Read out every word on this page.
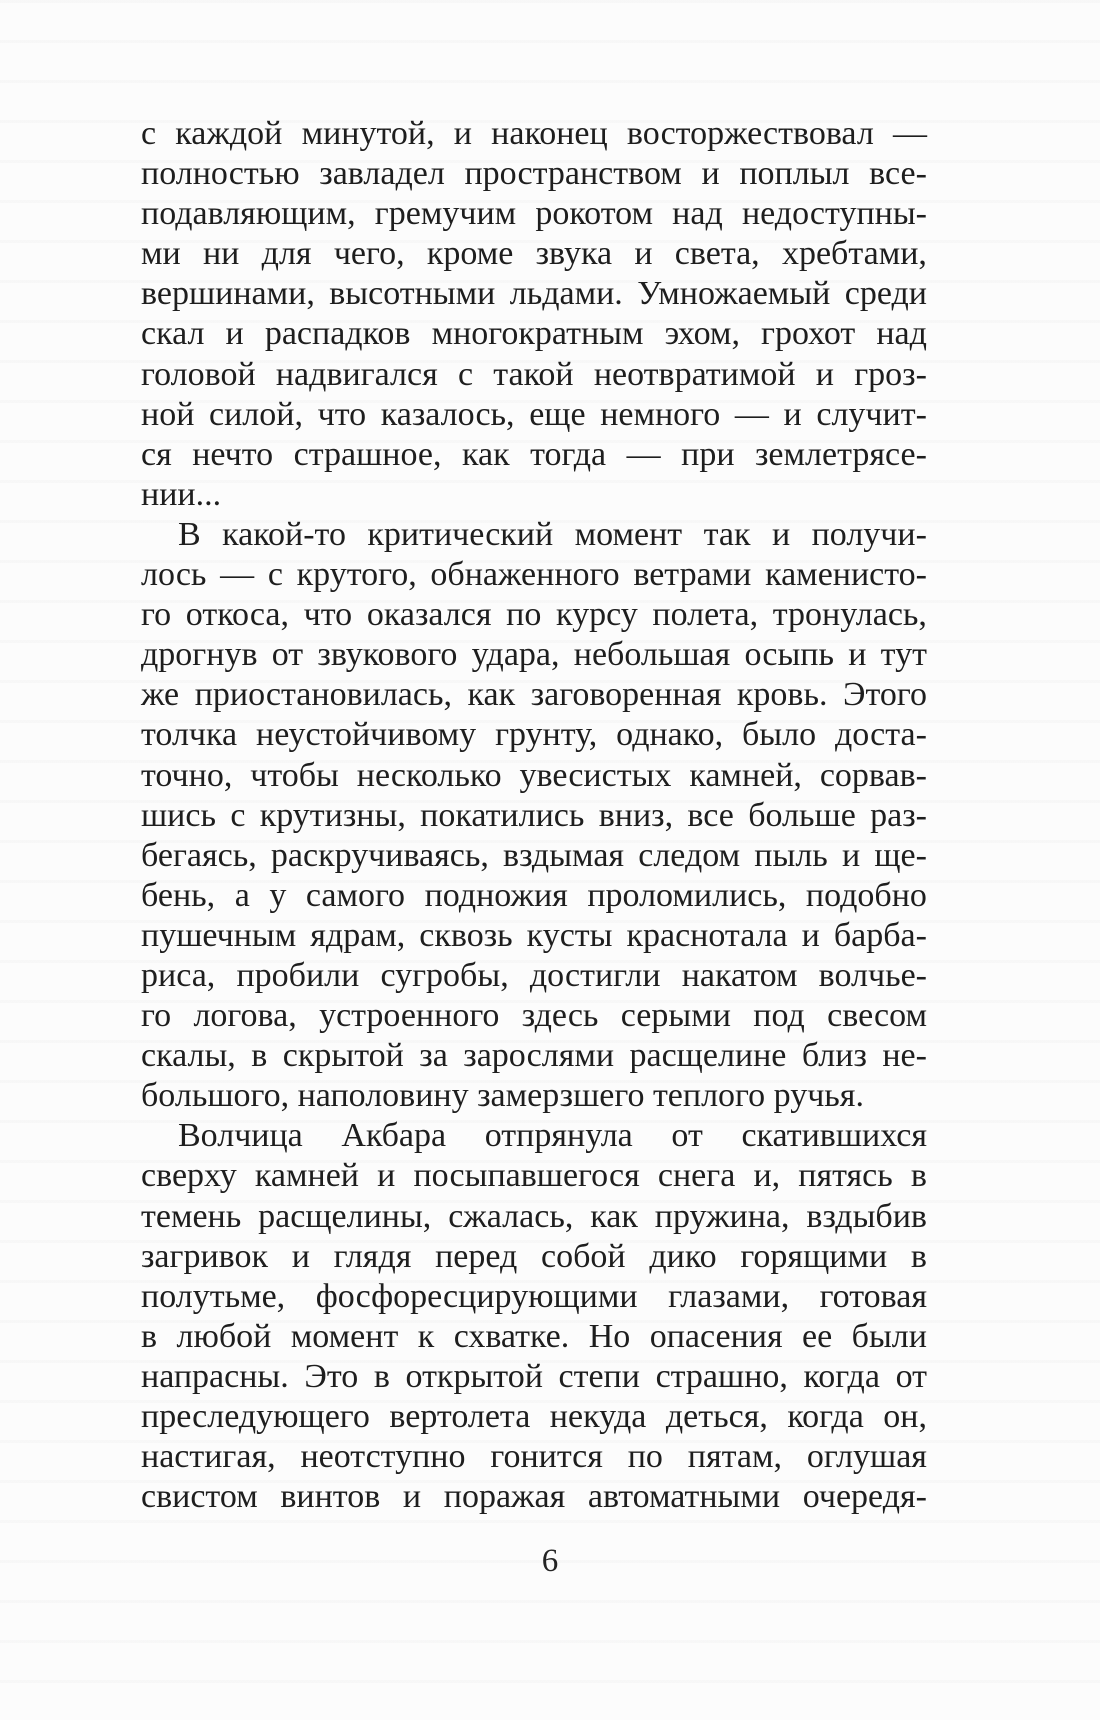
с каждой минутой, и наконец восторжествовал —
полностью завладел пространством и поплыл все-
подавляющим, гремучим рокотом над недоступны-
ми ни для чего, кроме звука и света, хребтами,
вершинами, высотными льдами. Умножаемый среди
скал и распадков многократным эхом, грохот над
головой надвигался с такой неотвратимой и гроз-
ной силой, что казалось, еще немного — и случит-
ся нечто страшное, как тогда — при землетрясе-
нии...
В какой-то критический момент так и получи-
лось — с крутого, обнаженного ветрами каменисто-
го откоса, что оказался по курсу полета, тронулась,
дрогнув от звукового удара, небольшая осыпь и тут
же приостановилась, как заговоренная кровь. Этого
толчка неустойчивому грунту, однако, было доста-
точно, чтобы несколько увесистых камней, сорвав-
шись с крутизны, покатились вниз, все больше раз-
бегаясь, раскручиваясь, вздымая следом пыль и ще-
бень, а у самого подножия проломились, подобно
пушечным ядрам, сквозь кусты краснотала и барба-
риса, пробили сугробы, достигли накатом волчье-
го логова, устроенного здесь серыми под свесом
скалы, в скрытой за зарослями расщелине близ не-
большого, наполовину замерзшего теплого ручья.
Волчица Акбара отпрянула от скатившихся
сверху камней и посыпавшегося снега и, пятясь в
темень расщелины, сжалась, как пружина, вздыбив
загривок и глядя перед собой дико горящими в
полутьме, фосфоресцирующими глазами, готовая
в любой момент к схватке. Но опасения ее были
напрасны. Это в открытой степи страшно, когда от
преследующего вертолета некуда деться, когда он,
настигая, неотступно гонится по пятам, оглушая
свистом винтов и поражая автоматными очередя-
6
